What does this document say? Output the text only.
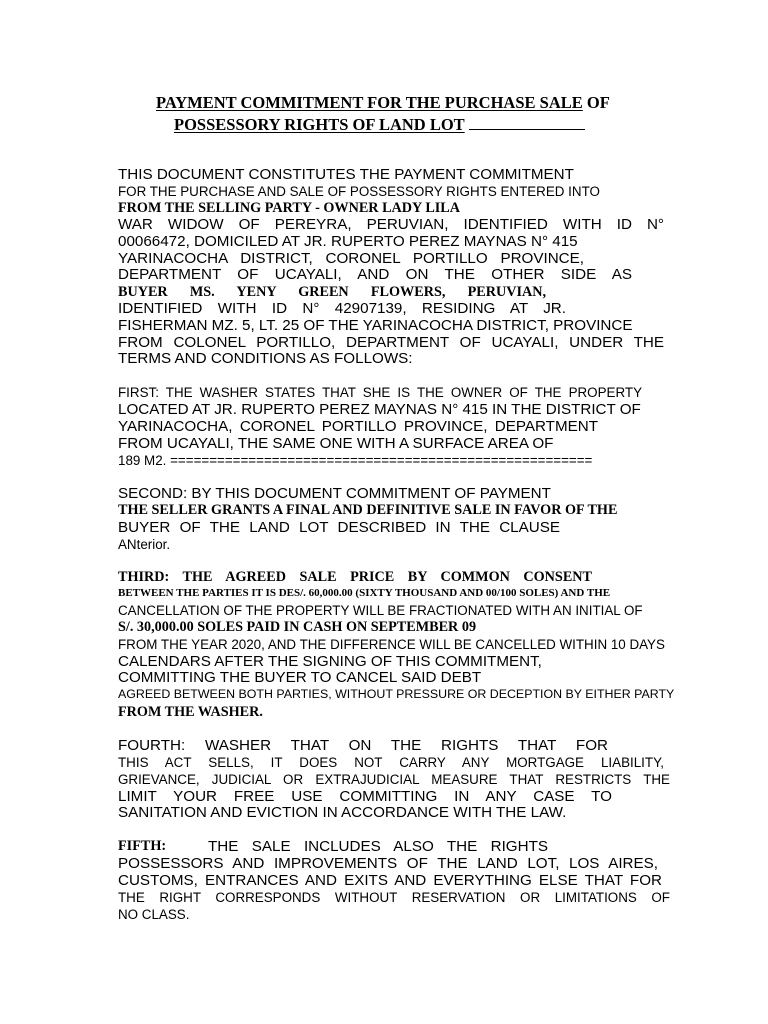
PAYMENT COMMITMENT FOR THE PURCHASE SALE OF
POSSESSORY RIGHTS OF LAND LOT
THIS DOCUMENT CONSTITUTES THE PAYMENT COMMITMENT
FOR THE PURCHASE AND SALE OF POSSESSORY RIGHTS ENTERED INTO
FROM THE SELLING PARTY - OWNER LADY LILA
WAR WIDOW OF PEREYRA, PERUVIAN, IDENTIFIED WITH ID N°
00066472, DOMICILED AT JR. RUPERTO PEREZ MAYNAS N° 415
YARINACOCHA DISTRICT, CORONEL PORTILLO PROVINCE,
DEPARTMENT OF UCAYALI, AND ON THE OTHER SIDE AS
BUYER MS. YENY GREEN FLOWERS, PERUVIAN,
IDENTIFIED WITH ID N° 42907139, RESIDING AT JR.
FISHERMAN MZ. 5, LT. 25 OF THE YARINACOCHA DISTRICT, PROVINCE
FROM COLONEL PORTILLO, DEPARTMENT OF UCAYALI, UNDER THE
TERMS AND CONDITIONS AS FOLLOWS:
FIRST: THE WASHER STATES THAT SHE IS THE OWNER OF THE PROPERTY
LOCATED AT JR. RUPERTO PEREZ MAYNAS N° 415 IN THE DISTRICT OF
YARINACOCHA, CORONEL PORTILLO PROVINCE, DEPARTMENT
FROM UCAYALI, THE SAME ONE WITH A SURFACE AREA OF
189 M2. ======================================================
SECOND: BY THIS DOCUMENT COMMITMENT OF PAYMENT
THE SELLER GRANTS A FINAL AND DEFINITIVE SALE IN FAVOR OF THE
BUYER OF THE LAND LOT DESCRIBED IN THE CLAUSE
ANterior.
THIRD: THE AGREED SALE PRICE BY COMMON CONSENT
BETWEEN THE PARTIES IT IS DES/. 60,000.00 (SIXTY THOUSAND AND 00/100 SOLES) AND THE
CANCELLATION OF THE PROPERTY WILL BE FRACTIONATED WITH AN INITIAL OF
S/. 30,000.00 SOLES PAID IN CASH ON SEPTEMBER 09
FROM THE YEAR 2020, AND THE DIFFERENCE WILL BE CANCELLED WITHIN 10 DAYS
CALENDARS AFTER THE SIGNING OF THIS COMMITMENT,
COMMITTING THE BUYER TO CANCEL SAID DEBT
AGREED BETWEEN BOTH PARTIES, WITHOUT PRESSURE OR DECEPTION BY EITHER PARTY
FROM THE WASHER.
FOURTH: WASHER THAT ON THE RIGHTS THAT FOR
THIS ACT SELLS, IT DOES NOT CARRY ANY MORTGAGE LIABILITY,
GRIEVANCE, JUDICIAL OR EXTRAJUDICIAL MEASURE THAT RESTRICTS THE
LIMIT YOUR FREE USE COMMITTING IN ANY CASE TO
SANITATION AND EVICTION IN ACCORDANCE WITH THE LAW.
FIFTH:	THE SALE INCLUDES ALSO THE RIGHTS
POSSESSORS AND IMPROVEMENTS OF THE LAND LOT, LOS AIRES,
CUSTOMS, ENTRANCES AND EXITS AND EVERYTHING ELSE THAT FOR
THE RIGHT CORRESPONDS WITHOUT RESERVATION OR LIMITATIONS OF
NO CLASS.
